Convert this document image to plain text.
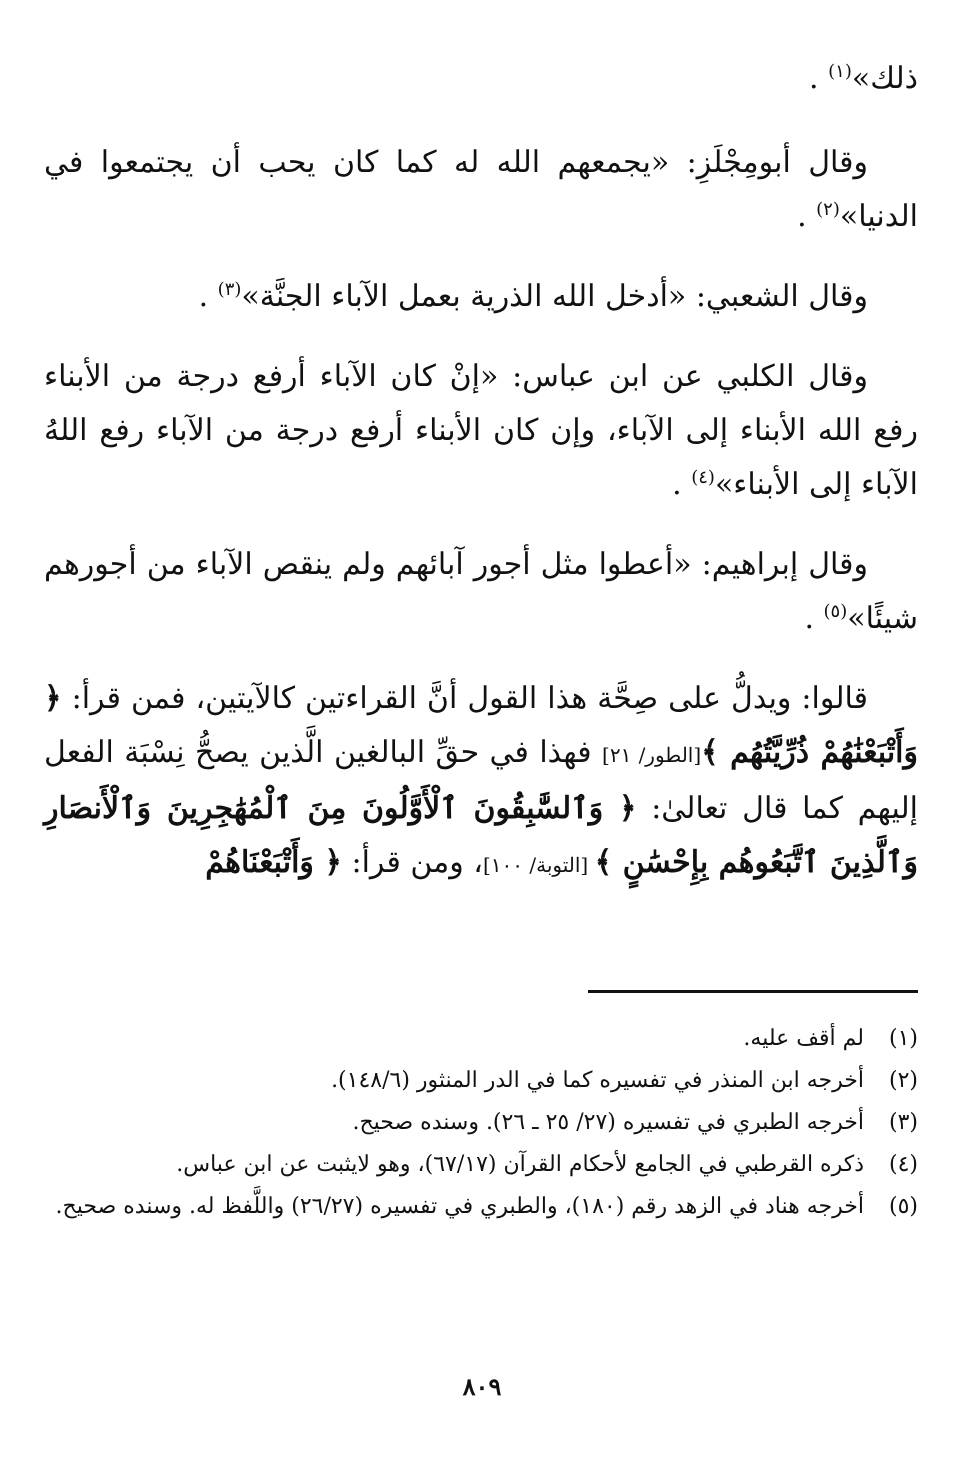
ذلك»$^{(١)}$ .

وقال أبومِجْلَزِ: «يجمعهم الله له كما كان يحب أن يجتمعوا في الدنيا»$^{(٢)}$ .

وقال الشعبي: «أدخل الله الذرية بعمل الآباء الجنَّة»$^{(٣)}$ .

وقال الكلبي عن ابن عباس: «إنْ كان الآباء أرفع درجة من الأبناء رفع الله الأبناء إلى الآباء، وإن كان الأبناء أرفع درجة من الآباء رفع اللهُ الآباء إلى الأبناء»$^{(٤)}$ .

وقال إبراهيم: «أعطوا مثل أجور آبائهم ولم ينقص الآباء من أجورهم شيئًا»$^{(٥)}$ .

قالوا: ويدلُّ على صِحَّة هذا القول أنَّ القراءتين كالآيتين، فمن قرأ: ﴿ وَأَتْبَعْنَٰهُمْ ذُرِّيَّتُهُم ﴾[الطور/ ٢١] فهذا في حقِّ البالغين الَّذين يصحُّ نِسْبَة الفعل إليهم كما قال تعالىٰ: ﴿ وَٱلسَّٰبِقُونَ ٱلْأَوَّلُونَ مِنَ ٱلْمُهَٰجِرِينَ وَٱلْأَنصَارِ وَٱلَّذِينَ ٱتَّبَعُوهُم بِإِحْسَٰنٍ ﴾ [التوبة/ ١٠٠]، ومن قرأ: ﴿ وَأَتْبَعْنَاهُمْ

(١)
لم أقف عليه.
(٢)
أخرجه ابن المنذر في تفسيره كما في الدر المنثور (١٤٨/٦).
(٣)
أخرجه الطبري في تفسيره (٢٧/ ٢٥ ـ ٢٦). وسنده صحيح.
(٤)
ذكره القرطبي في الجامع لأحكام القرآن (٦٧/١٧)، وهو لايثبت عن ابن عباس.
(٥)
أخرجه هناد في الزهد رقم (١٨٠)، والطبري في تفسيره (٢٦/٢٧) واللَّفظ له. وسنده صحيح.
٨٠٩
